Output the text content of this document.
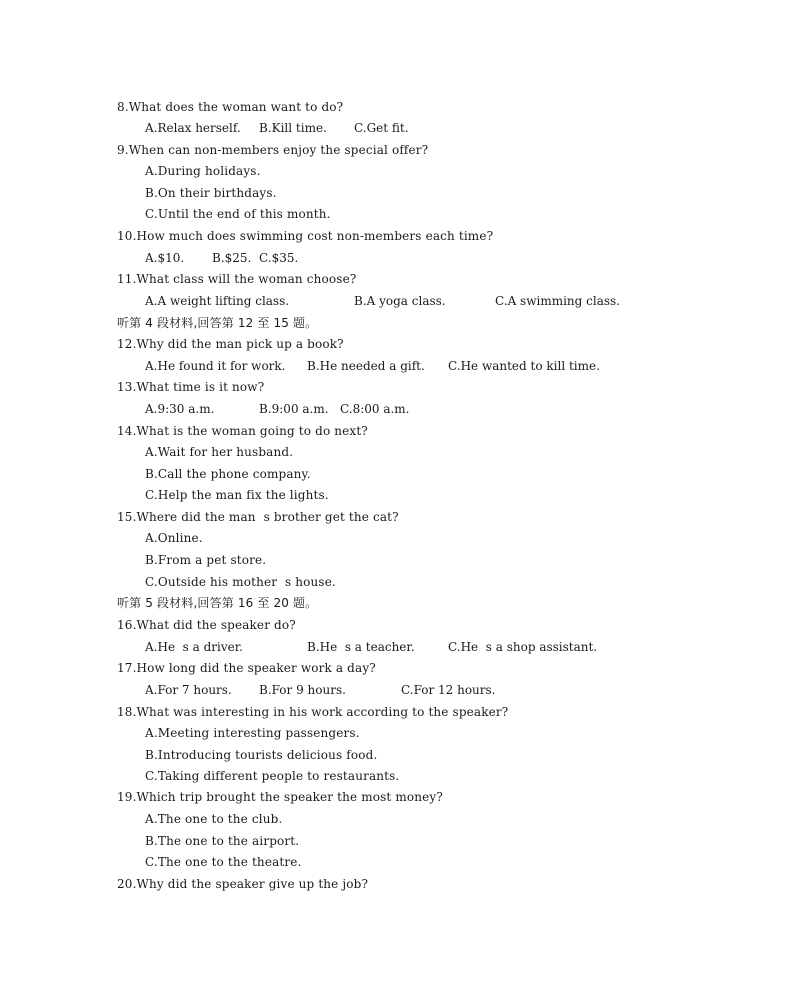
8.What does the woman want to do?
A.Relax herself. B.Kill time. C.Get fit.
9.When can non-members enjoy the special offer?
A.During holidays.
B.On their birthdays.
C.Until the end of this month.
10.How much does swimming cost non-members each time?
A.$10. B.$25. C.$35.
11.What class will the woman choose?
A.A weight lifting class.	B.A yoga class.	C.A swimming class.
听第 4 段材料,回答第 12 至 15 题。
12.Why did the man pick up a book?
A.He found it for work. B.He needed a gift. C.He wanted to kill time.
13.What time is it now?
A.9:30 a.m.	B.9:00 a.m. C.8:00 a.m.
14.What is the woman going to do next?
A.Wait for her husband.
B.Call the phone company.
C.Help the man fix the lights.
15.Where did the man  s brother get the cat?
A.Online.
B.From a pet store.
C.Outside his mother  s house.
听第 5 段材料,回答第 16 至 20 题。
16.What did the speaker do?
A.He  s a driver.	B.He  s a teacher.	C.He  s a shop assistant.
17.How long did the speaker work a day?
A.For 7 hours. B.For 9 hours.	C.For 12 hours.
18.What was interesting in his work according to the speaker?
A.Meeting interesting passengers.
B.Introducing tourists delicious food.
C.Taking different people to restaurants.
19.Which trip brought the speaker the most money?
A.The one to the club.
B.The one to the airport.
C.The one to the theatre.
20.Why did the speaker give up the job?
